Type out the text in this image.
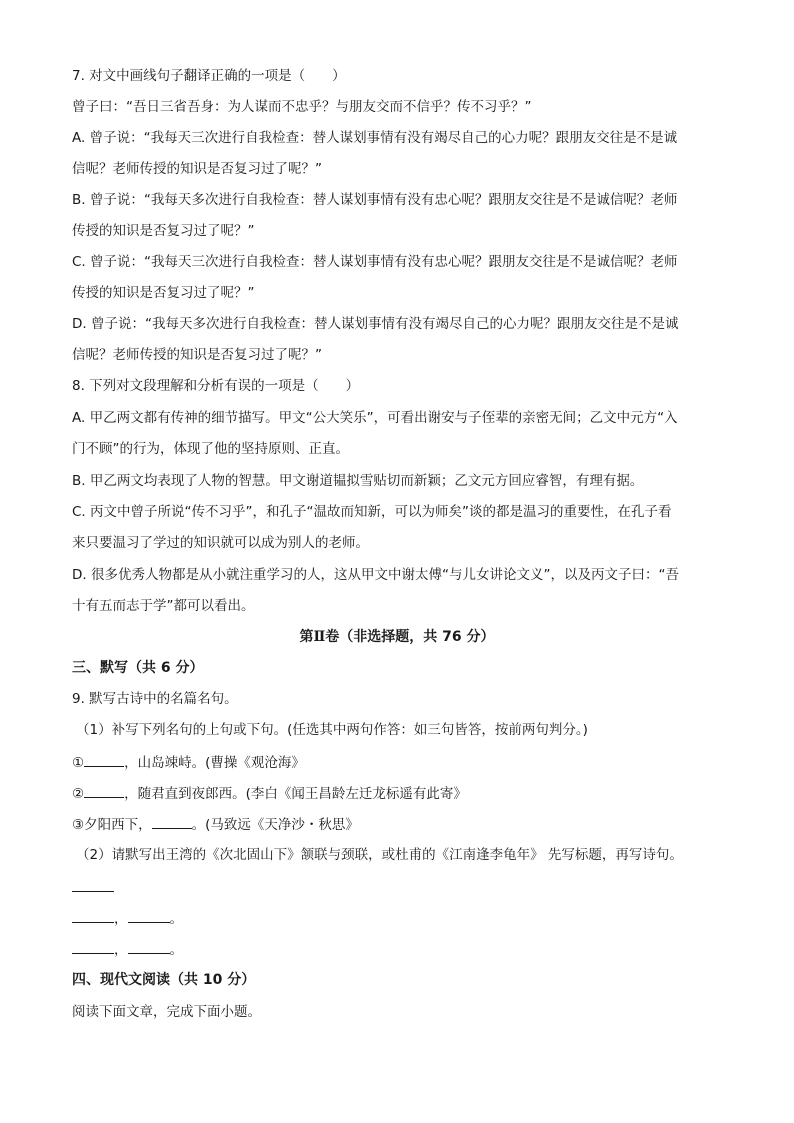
7. 对文中画线句子翻译正确的一项是（　　）
曾子曰：“吾日三省吾身：为人谋而不忠乎？与朋友交而不信乎？传不习乎？”
A. 曾子说：“我每天三次进行自我检查：替人谋划事情有没有竭尽自己的心力呢？跟朋友交往是不是诚
信呢？老师传授的知识是否复习过了呢？”
B. 曾子说：“我每天多次进行自我检查：替人谋划事情有没有忠心呢？跟朋友交往是不是诚信呢？老师
传授的知识是否复习过了呢？”
C. 曾子说：“我每天三次进行自我检查：替人谋划事情有没有忠心呢？跟朋友交往是不是诚信呢？老师
传授的知识是否复习过了呢？”
D. 曾子说：“我每天多次进行自我检查：替人谋划事情有没有竭尽自己的心力呢？跟朋友交往是不是诚
信呢？老师传授的知识是否复习过了呢？”
8. 下列对文段理解和分析有误的一项是（　　）
A. 甲乙两文都有传神的细节描写。甲文“公大笑乐”，可看出谢安与子侄辈的亲密无间；乙文中元方“入
门不顾”的行为，体现了他的坚持原则、正直。
B. 甲乙两文均表现了人物的智慧。甲文谢道韫拟雪贴切而新颖；乙文元方回应睿智，有理有据。
C. 丙文中曾子所说“传不习乎”，和孔子“温故而知新，可以为师矣”谈的都是温习的重要性，在孔子看
来只要温习了学过的知识就可以成为别人的老师。
D. 很多优秀人物都是从小就注重学习的人，这从甲文中谢太傅“与儿女讲论文义”，以及丙文子曰：“吾
十有五而志于学”都可以看出。
第Ⅱ卷（非选择题，共 76 分）
三、默写（共 6 分）
9. 默写古诗中的名篇名句。
（1）补写下列名句的上句或下句。(任选其中两句作答：如三句皆答，按前两句判分。)
①	，山岛竦峙。(曹操《观沧海》
②	，随君直到夜郎西。(李白《闻王昌龄左迁龙标遥有此寄》
③夕阳西下，	。(马致远《天净沙・秋思》
（2）请默写出王湾的《次北固山下》颔联与颈联，或杜甫的《江南逢李龟年》 先写标题，再写诗句。
，	。
，	。
四、现代文阅读（共 10 分）
阅读下面文章，完成下面小题。
